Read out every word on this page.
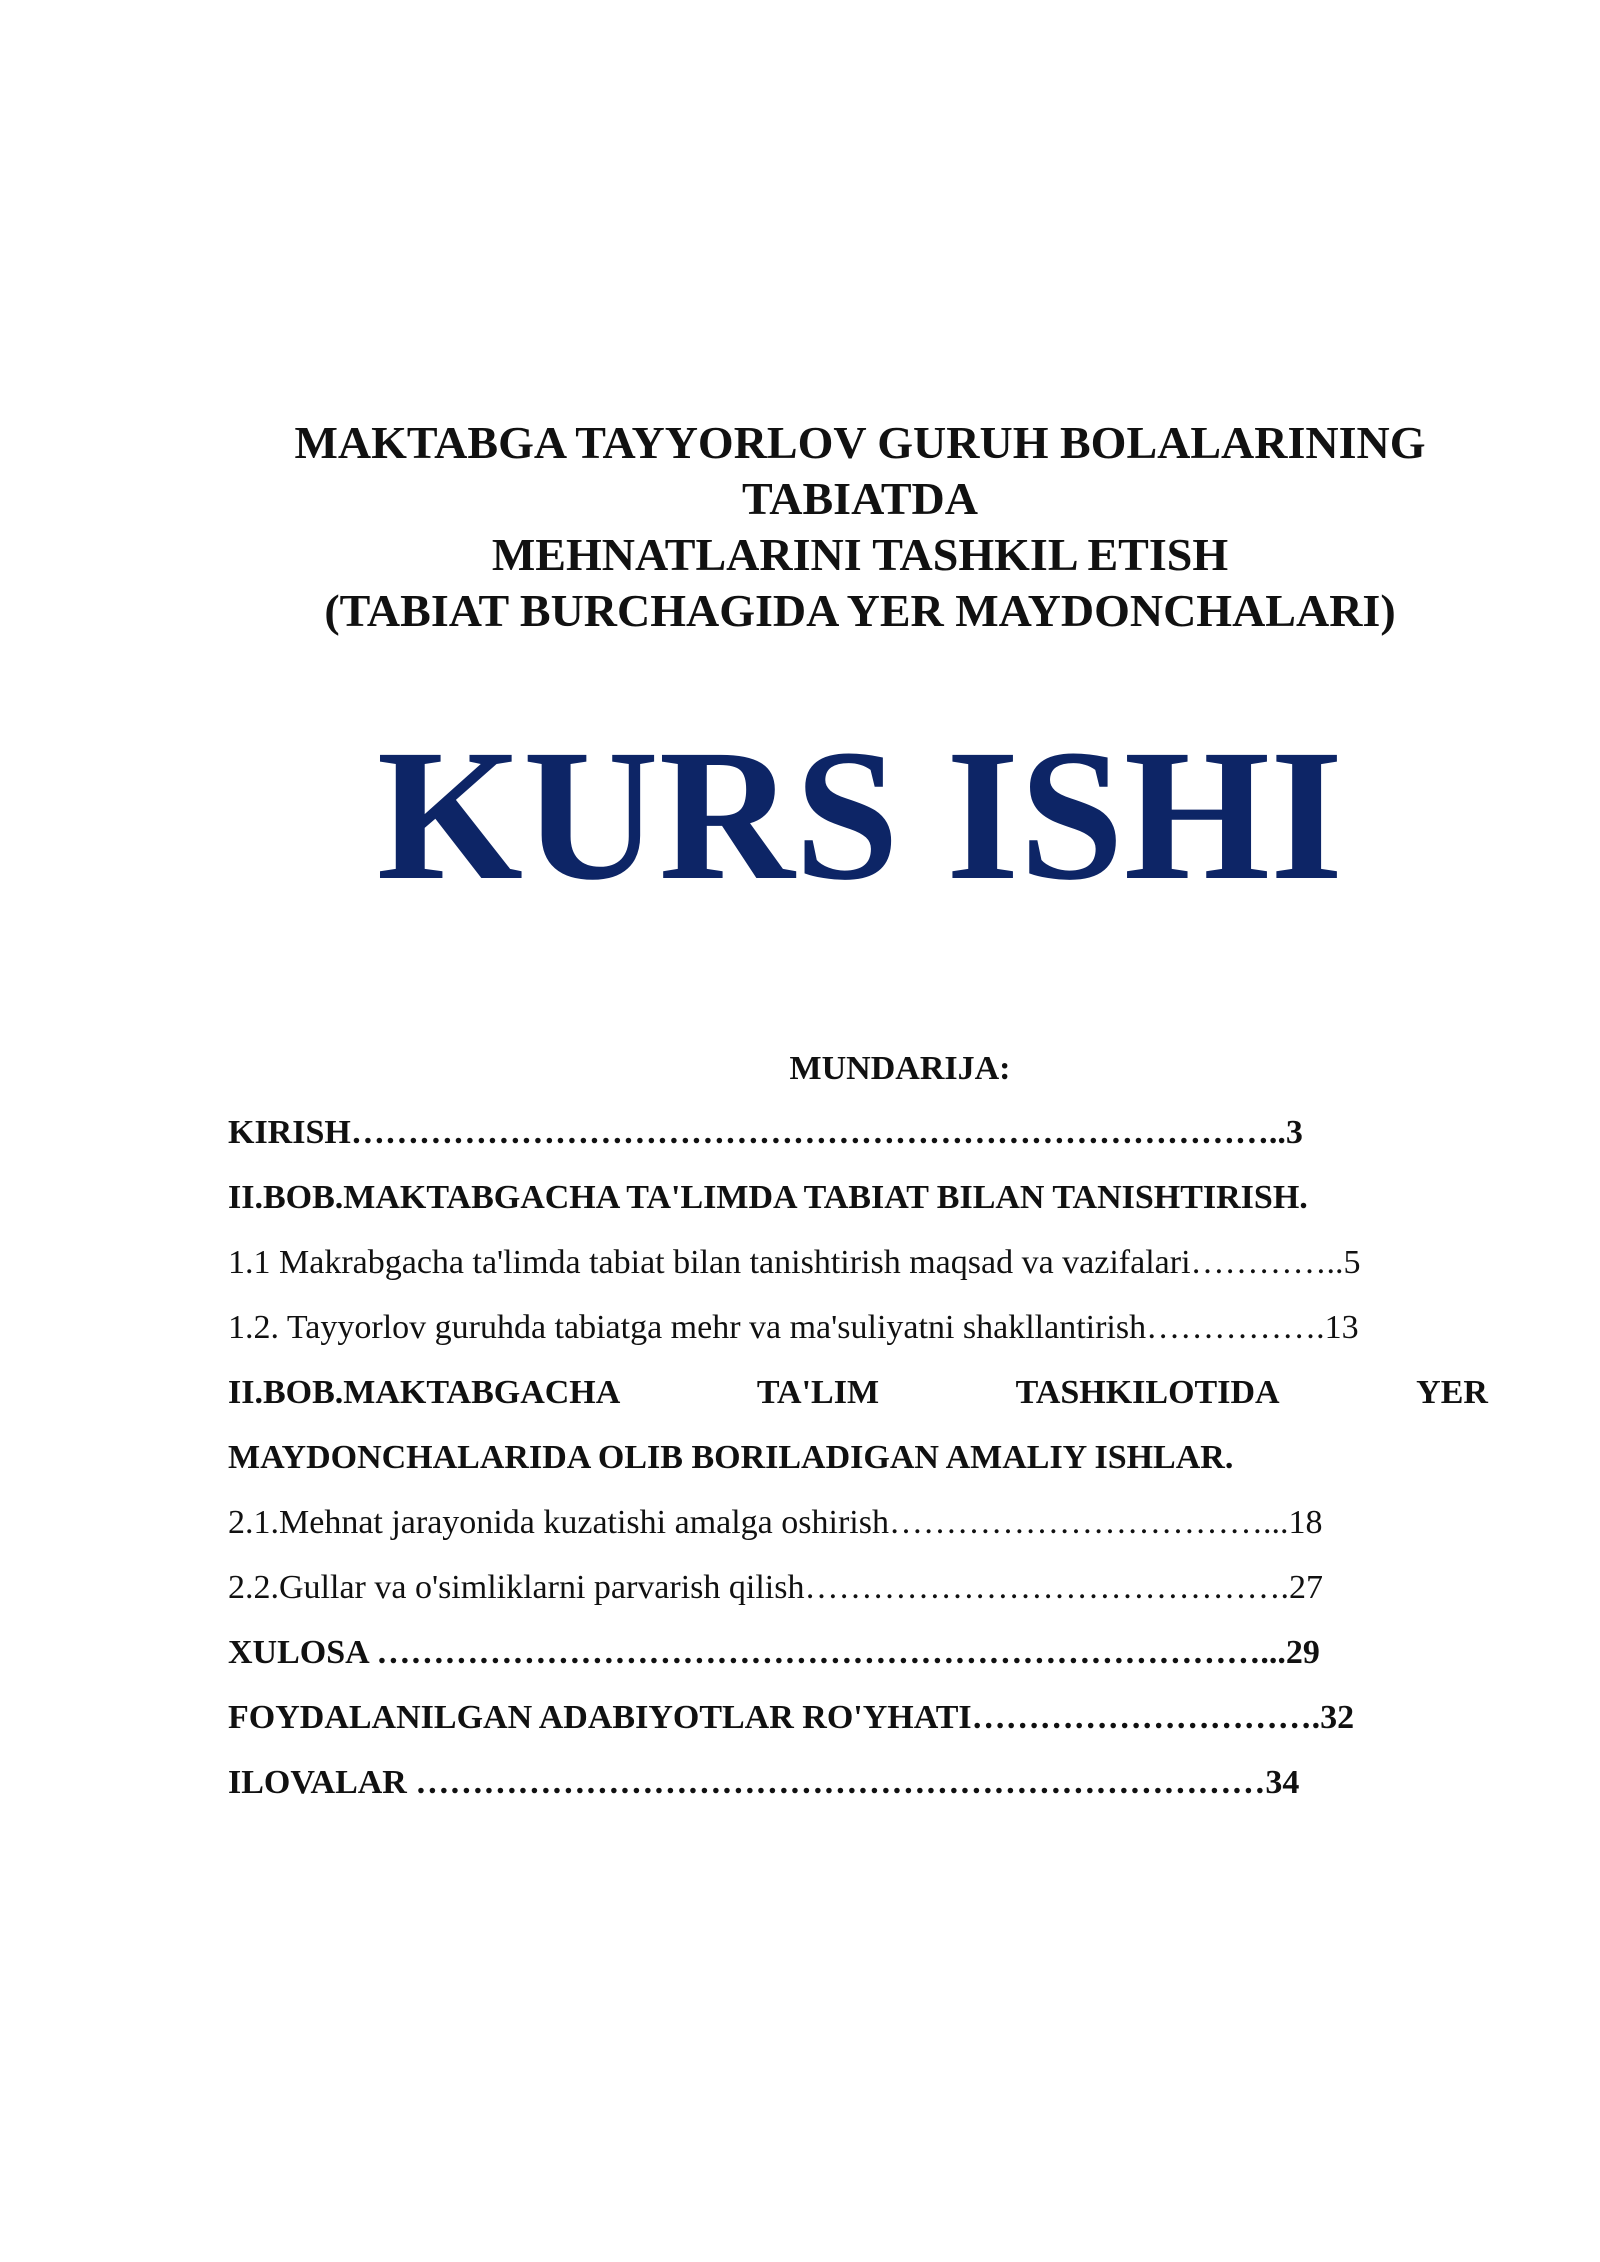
MAKTABGA TAYYORLOV GURUH BOLALARINING
TABIATDA
MEHNATLARINI TASHKIL ETISH
(TABIAT BURCHAGIDA YER MAYDONCHALARI)
KURS ISHI
MUNDARIJA:
KIRISH………………………………………………………………………..3
II.BOB.MAKTABGACHA TA'LIMDA TABIAT BILAN TANISHTIRISH.
1.1 Makrabgacha ta'limda tabiat bilan tanishtirish maqsad va vazifalari…………..5
1.2. Tayyorlov guruhda tabiatga mehr va ma'suliyatni shakllantirish…………….13
II.BOB.MAKTABGACHA	TA'LIM	TASHKILOTIDA	YER
MAYDONCHALARIDA OLIB BORILADIGAN AMALIY ISHLAR.
2.1.Mehnat jarayonida kuzatishi amalga oshirish……………………………...18
2.2.Gullar va o'simliklarni parvarish qilish…………………………………….27
XULOSA ……………………………………………………………………...29
FOYDALANILGAN ADABIYOTLAR RO'YHATI………………………….32
ILOVALAR …………………………………………………………………34
